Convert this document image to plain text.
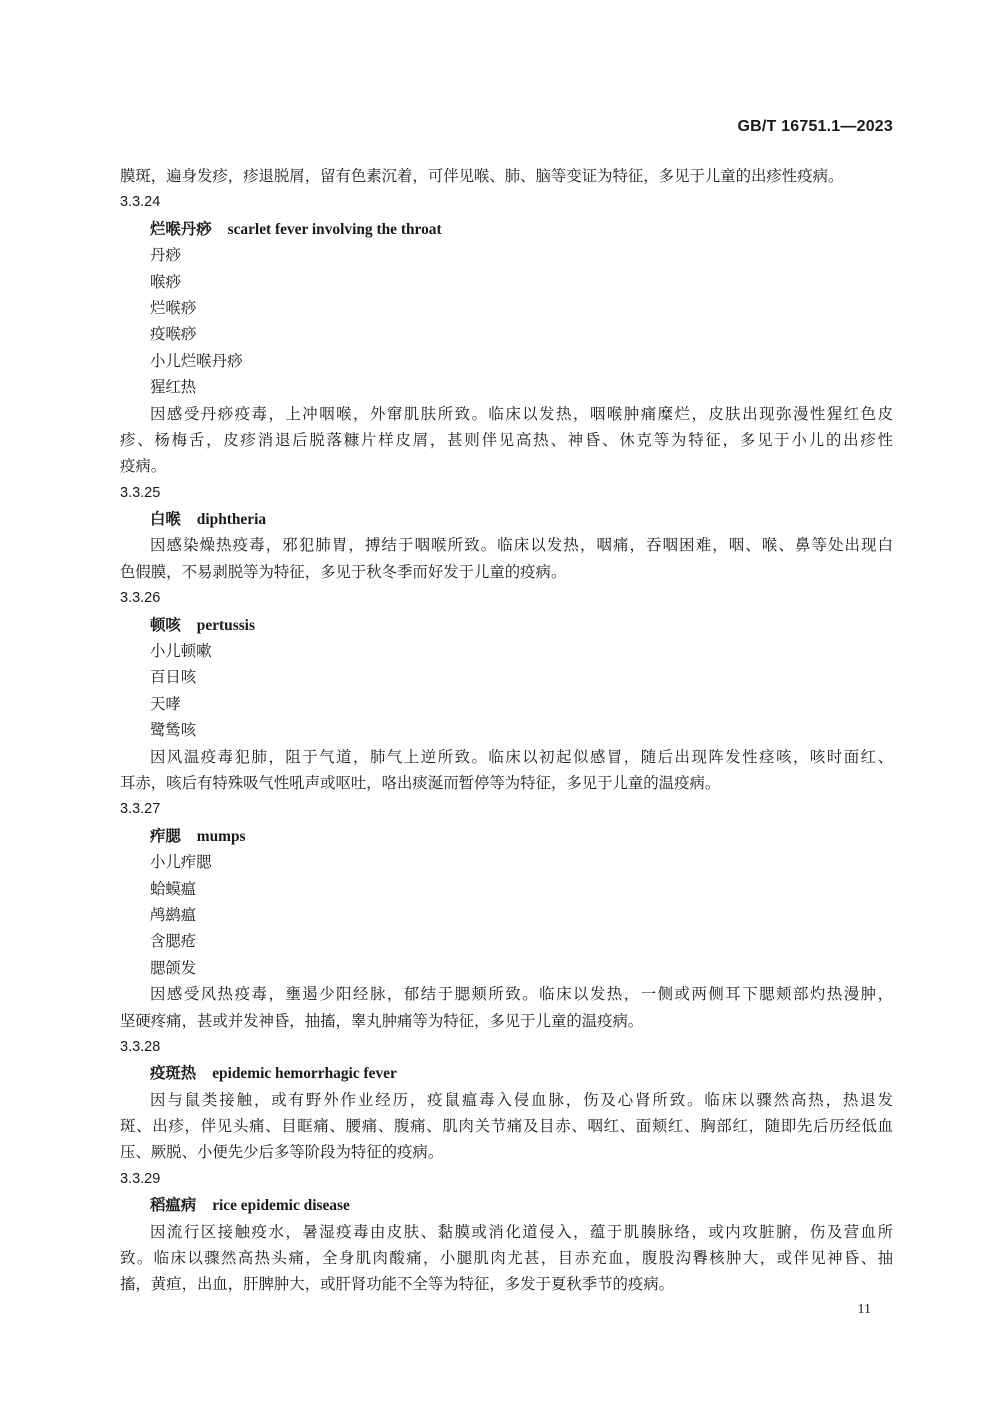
GB/T 16751.1—2023
膜斑，遍身发疹，疹退脱屑，留有色素沉着，可伴见喉、肺、脑等变证为特征，多见于儿童的出疹性疫病。
3.3.24
烂喉丹痧 scarlet fever involving the throat
丹痧
喉痧
烂喉痧
疫喉痧
小儿烂喉丹痧
猩红热
因感受丹痧疫毒，上冲咽喉，外窜肌肤所致。临床以发热，咽喉肿痛糜烂，皮肤出现弥漫性猩红色皮
疹、杨梅舌，皮疹消退后脱落糠片样皮屑，甚则伴见高热、神昏、休克等为特征，多见于小儿的出疹性
疫病。
3.3.25
白喉 diphtheria
因感染燥热疫毒，邪犯肺胃，搏结于咽喉所致。临床以发热，咽痛，吞咽困难，咽、喉、鼻等处出现白
色假膜，不易剥脱等为特征，多见于秋冬季而好发于儿童的疫病。
3.3.26
顿咳 pertussis
小儿顿嗽
百日咳
天哮
鹭鸶咳
因风温疫毒犯肺，阻于气道，肺气上逆所致。临床以初起似感冒，随后出现阵发性痉咳，咳时面红、
耳赤，咳后有特殊吸气性吼声或呕吐，咯出痰涎而暂停等为特征，多见于儿童的温疫病。
3.3.27
痄腮 mumps
小儿痄腮
蛤蟆瘟
鸬鹚瘟
含腮疮
腮颌发
因感受风热疫毒，壅遏少阳经脉，郁结于腮颊所致。临床以发热，一侧或两侧耳下腮颊部灼热漫肿，
坚硬疼痛，甚或并发神昏，抽搐，睾丸肿痛等为特征，多见于儿童的温疫病。
3.3.28
疫斑热 epidemic hemorrhagic fever
因与鼠类接触，或有野外作业经历，疫鼠瘟毒入侵血脉，伤及心肾所致。临床以骤然高热，热退发
斑、出疹，伴见头痛、目眶痛、腰痛、腹痛、肌肉关节痛及目赤、咽红、面颊红、胸部红，随即先后历经低血
压、厥脱、小便先少后多等阶段为特征的疫病。
3.3.29
稻瘟病 rice epidemic disease
因流行区接触疫水，暑湿疫毒由皮肤、黏膜或消化道侵入，蕴于肌腠脉络，或内攻脏腑，伤及营血所
致。临床以骤然高热头痛，全身肌肉酸痛，小腿肌肉尤甚，目赤充血，腹股沟臖核肿大，或伴见神昏、抽
搐，黄疸，出血，肝脾肿大，或肝肾功能不全等为特征，多发于夏秋季节的疫病。
11
